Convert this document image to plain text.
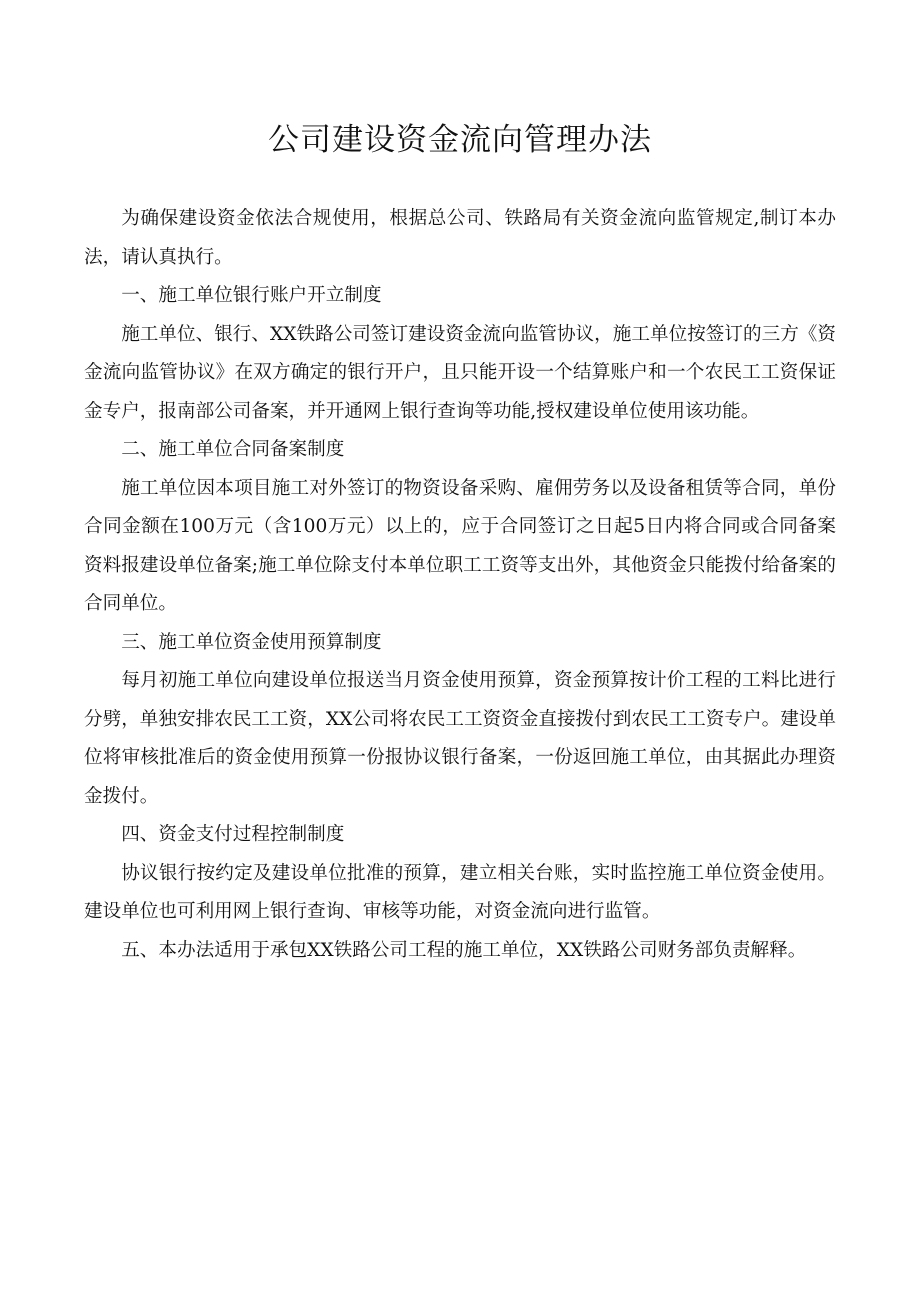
公司建设资金流向管理办法

为确保建设资金依法合规使用，根据总公司、铁路局有关资金流向监管规定,制订本办法，请认真执行。

一、施工单位银行账户开立制度

施工单位、银行、XX铁路公司签订建设资金流向监管协议，施工单位按签订的三方《资金流向监管协议》在双方确定的银行开户，且只能开设一个结算账户和一个农民工工资保证金专户，报南部公司备案，并开通网上银行查询等功能,授权建设单位使用该功能。

二、施工单位合同备案制度

施工单位因本项目施工对外签订的物资设备采购、雇佣劳务以及设备租赁等合同，单份合同金额在100万元（含100万元）以上的，应于合同签订之日起5日内将合同或合同备案资料报建设单位备案;施工单位除支付本单位职工工资等支出外，其他资金只能拨付给备案的合同单位。

三、施工单位资金使用预算制度

每月初施工单位向建设单位报送当月资金使用预算，资金预算按计价工程的工料比进行分劈，单独安排农民工工资，XX公司将农民工工资资金直接拨付到农民工工资专户。建设单位将审核批准后的资金使用预算一份报协议银行备案，一份返回施工单位，由其据此办理资金拨付。

四、资金支付过程控制制度

协议银行按约定及建设单位批准的预算，建立相关台账，实时监控施工单位资金使用。建设单位也可利用网上银行查询、审核等功能，对资金流向进行监管。

五、本办法适用于承包XX铁路公司工程的施工单位，XX铁路公司财务部负责解释。
